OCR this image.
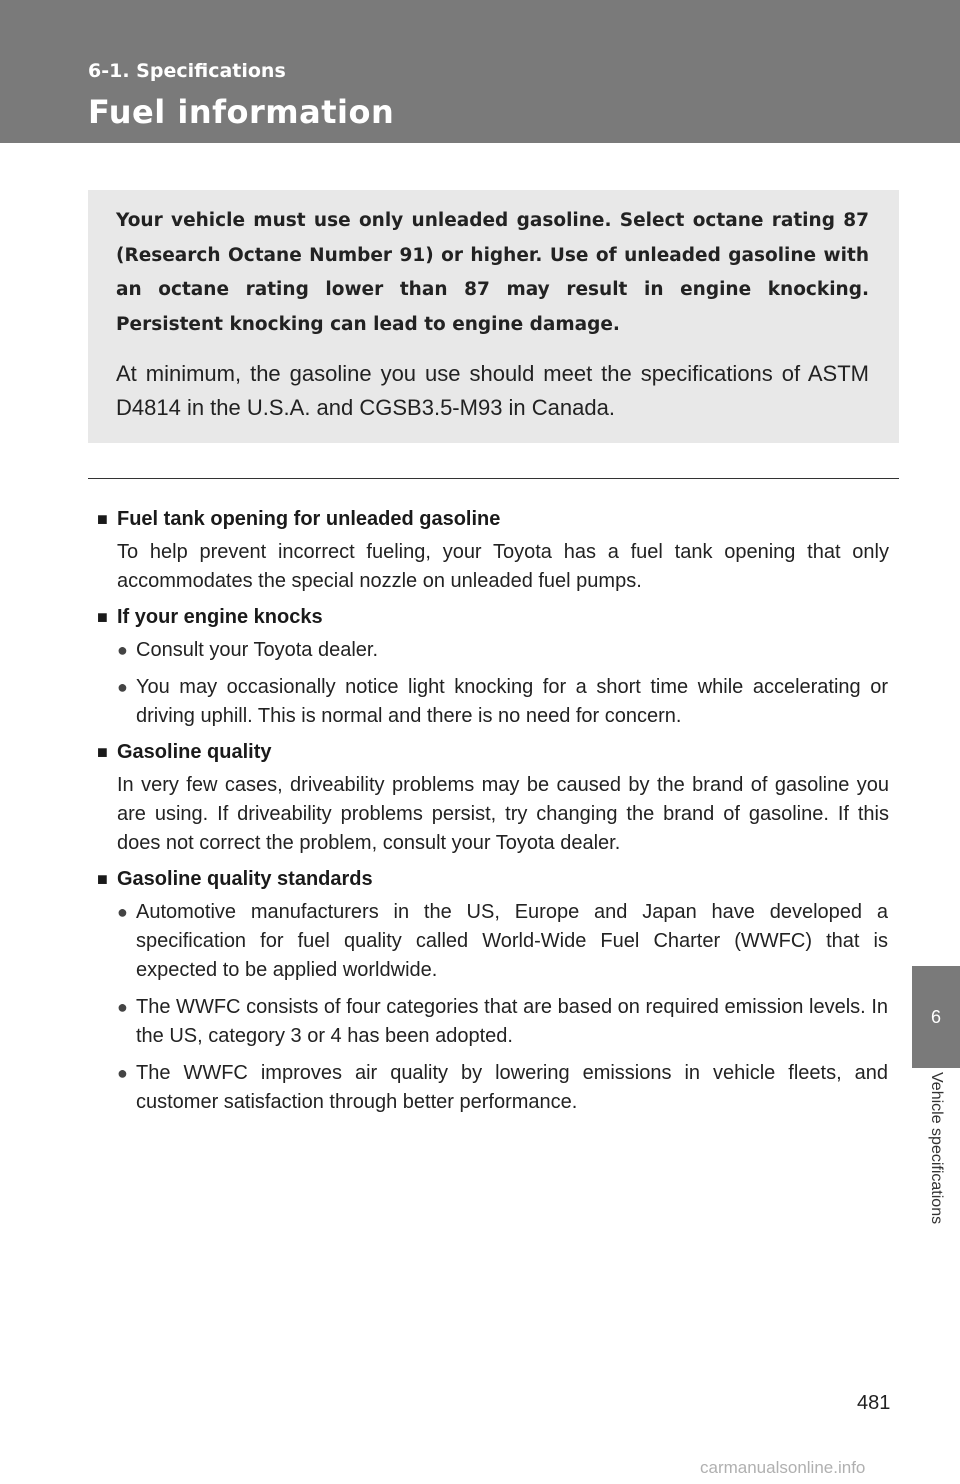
6-1. Specifications
Fuel information
6
Vehicle specifications

Your vehicle must use only unleaded gasoline. Select octane rating 87 (Research Octane Number 91) or higher. Use of unleaded gasoline with an octane rating lower than 87 may result in engine knocking. Persistent knocking can lead to engine damage.

At minimum, the gasoline you use should meet the specifications of ASTM D4814 in the U.S.A. and CGSB3.5-M93 in Canada.

■ Fuel tank opening for unleaded gasoline
To help prevent incorrect fueling, your Toyota has a fuel tank opening that only accommodates the special nozzle on unleaded fuel pumps.
■ If your engine knocks
● Consult your Toyota dealer.
● You may occasionally notice light knocking for a short time while accelerating or driving uphill. This is normal and there is no need for concern.
■ Gasoline quality
In very few cases, driveability problems may be caused by the brand of gasoline you are using. If driveability problems persist, try changing the brand of gasoline. If this does not correct the problem, consult your Toyota dealer.
■ Gasoline quality standards
● Automotive manufacturers in the US, Europe and Japan have developed a specification for fuel quality called World-Wide Fuel Charter (WWFC) that is expected to be applied worldwide.
● The WWFC consists of four categories that are based on required emission levels. In the US, category 3 or 4 has been adopted.
● The WWFC improves air quality by lowering emissions in vehicle fleets, and customer satisfaction through better performance.
481
carmanualsonline.info
